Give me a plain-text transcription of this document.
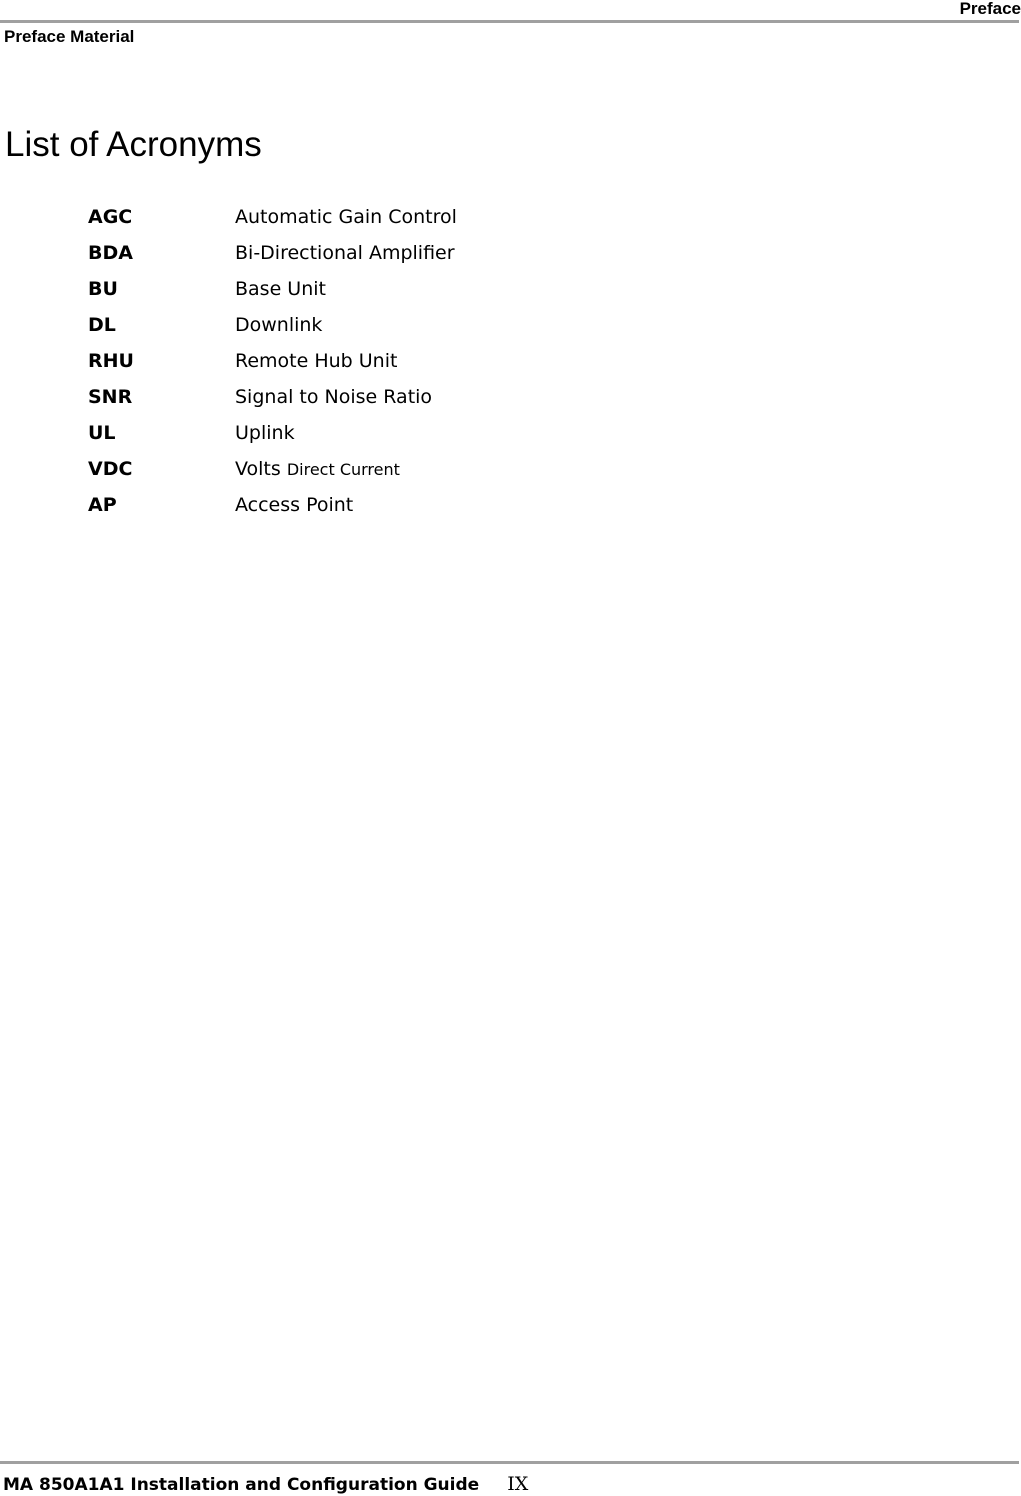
Preface
Preface Material
List of Acronyms
AGC	Automatic Gain Control
BDA	Bi-Directional Amplifier
BU	Base Unit
DL	Downlink
RHU	Remote Hub Unit
SNR	Signal to Noise Ratio
UL	Uplink
VDC	Volts Direct Current
AP	Access Point
MA 850A1A1 Installation and Configuration Guide IX
